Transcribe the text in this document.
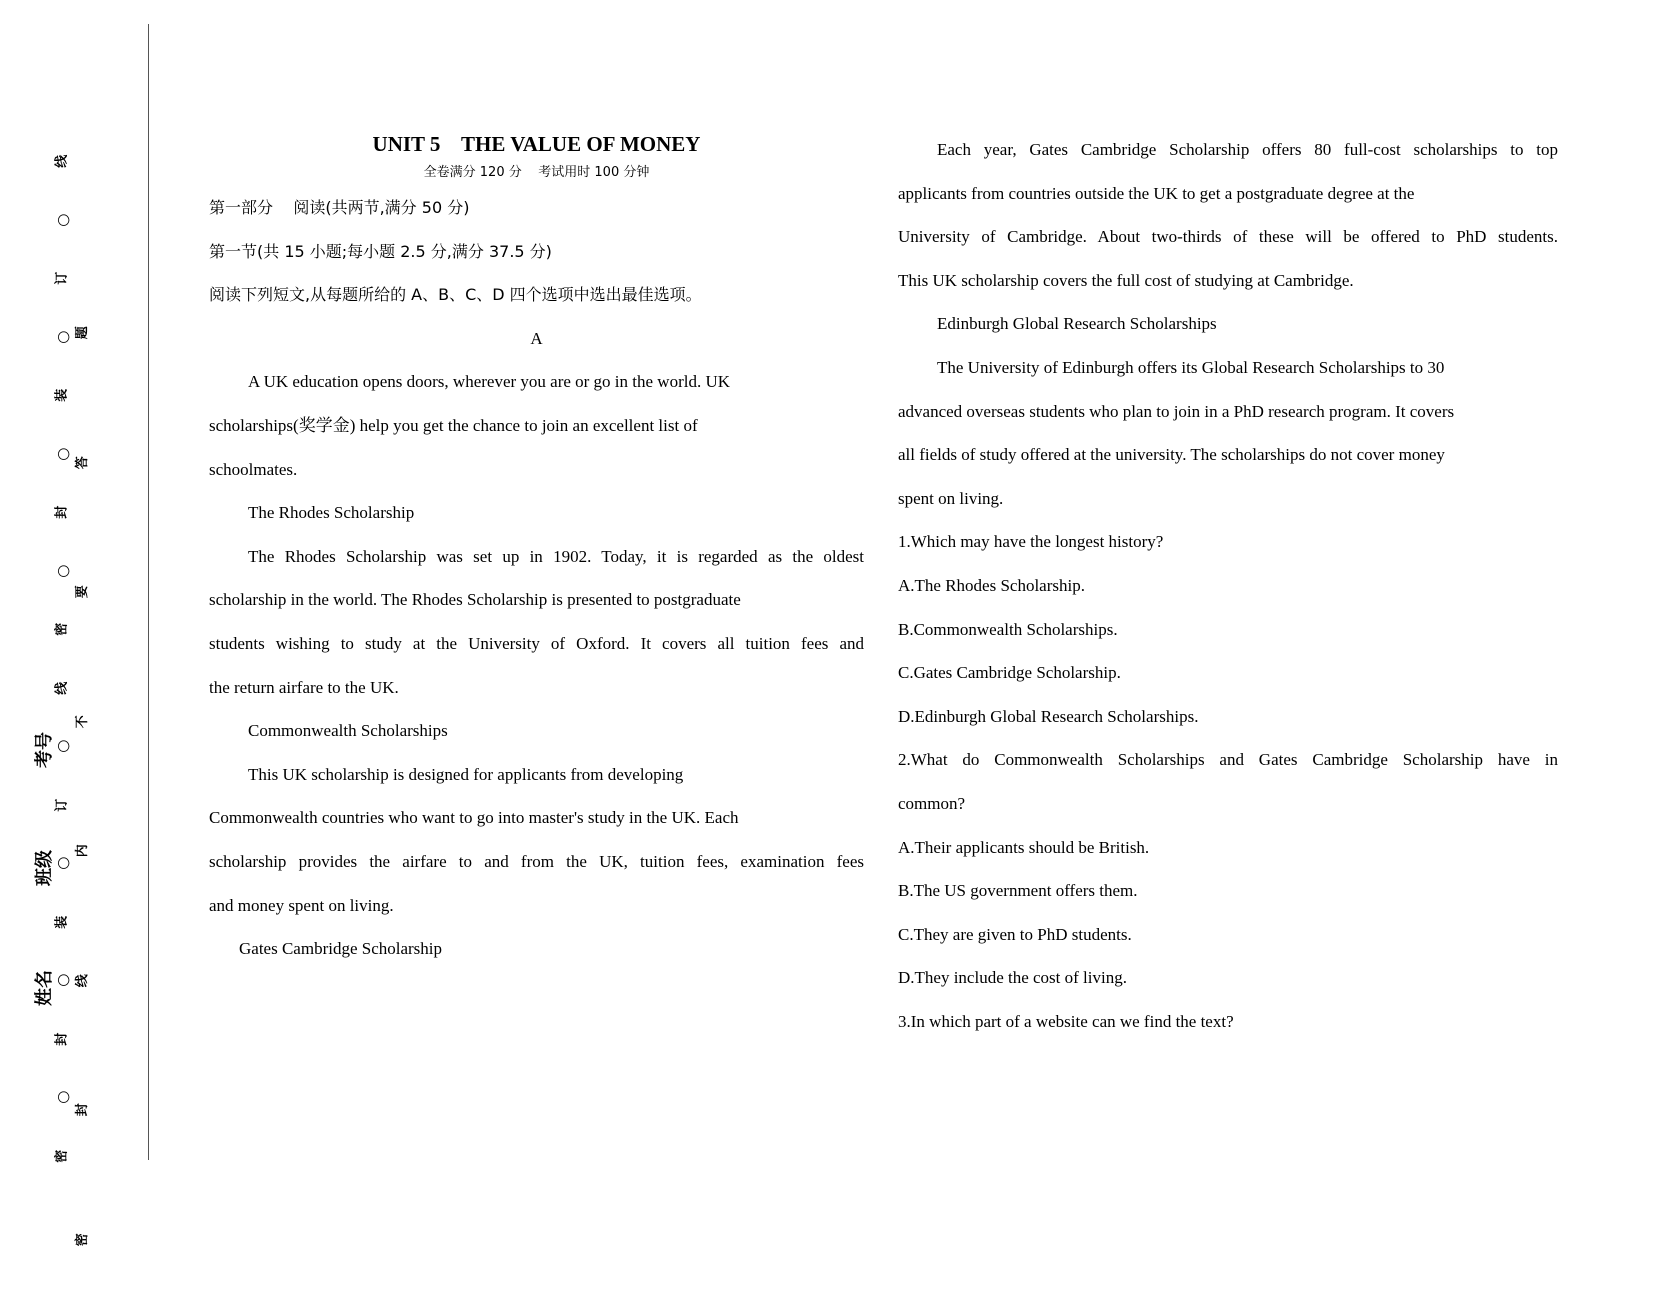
线
○
订
○
装
○
封
○
密
线
○
订
○
装
○
封
○
密
题
答
要
不
内
线
封
密
考号
班级
姓名
UNIT 5    THE VALUE OF MONEY
全卷满分 120 分    考试用时 100 分钟
第一部分    阅读(共两节,满分 50 分)
第一节(共 15 小题;每小题 2.5 分,满分 37.5 分)
阅读下列短文,从每题所给的 A、B、C、D 四个选项中选出最佳选项。
A
A UK education opens doors, wherever you are or go in the world. UK
scholarships(奖学金) help you get the chance to join an excellent list of
schoolmates.
The Rhodes Scholarship
The Rhodes Scholarship was set up in 1902. Today, it is regarded as the oldest
scholarship in the world. The Rhodes Scholarship is presented to postgraduate
students wishing to study at the University of Oxford. It covers all tuition fees and
the return airfare to the UK.
Commonwealth Scholarships
This UK scholarship is designed for applicants from developing
Commonwealth countries who want to go into master's study in the UK. Each
scholarship provides the airfare to and from the UK, tuition fees, examination fees
and money spent on living.
Gates Cambridge Scholarship
Each year, Gates Cambridge Scholarship offers 80 full-cost scholarships to top
applicants from countries outside the UK to get a postgraduate degree at the
University of Cambridge. About two-thirds of these will be offered to PhD students.
This UK scholarship covers the full cost of studying at Cambridge.
Edinburgh Global Research Scholarships
The University of Edinburgh offers its Global Research Scholarships to 30
advanced overseas students who plan to join in a PhD research program. It covers
all fields of study offered at the university. The scholarships do not cover money
spent on living.
1.Which may have the longest history?
A.The Rhodes Scholarship.
B.Commonwealth Scholarships.
C.Gates Cambridge Scholarship.
D.Edinburgh Global Research Scholarships.
2.What do Commonwealth Scholarships and Gates Cambridge Scholarship have in
common?
A.Their applicants should be British.
B.The US government offers them.
C.They are given to PhD students.
D.They include the cost of living.
3.In which part of a website can we find the text?
